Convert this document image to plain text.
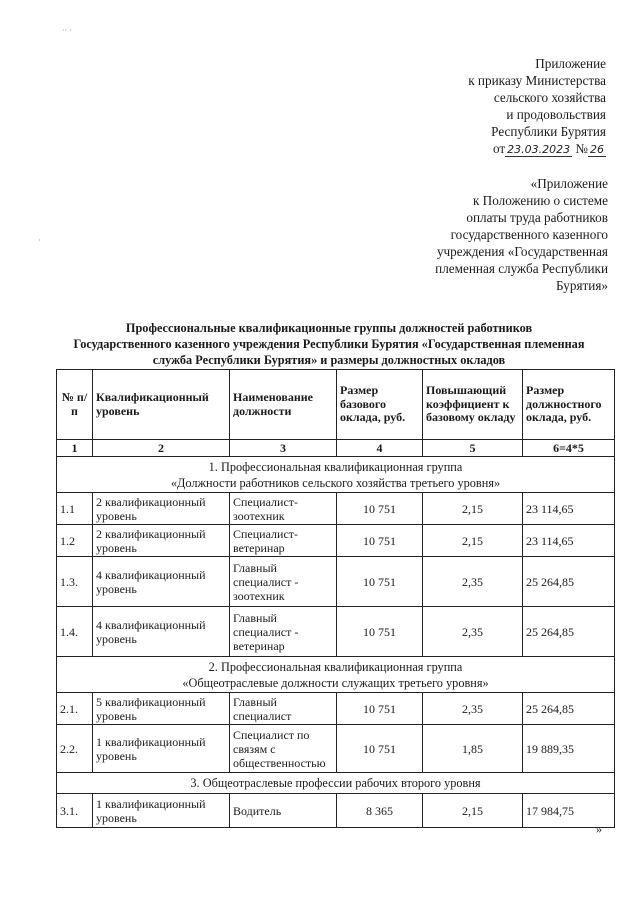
·· ·
·
Приложение
к приказу Министерства
сельского хозяйства
и продовольствия
Республики Бурятия
от 23.03.2023 № 26
«Приложение
к Положению о системе
оплаты труда работников
государственного казенного
учреждения «Государственная
племенная служба Республики
Бурятия»
Профессиональные квалификационные группы должностей работников
Государственного казенного учреждения Республики Бурятия «Государственная племенная
служба Республики Бурятия» и размеры должностных окладов
№ п/п	Квалификационный уровень	Наименование должности	Размер базового оклада, руб.	Повышающий коэффициент к базовому окладу	Размер должностного оклада, руб.
1	2	3	4	5	6=4*5

1. Профессиональная квалификационная группа
«Должности работников сельского хозяйства третьего уровня»					

1.1	2 квалификационный уровень	Специалист-зоотехник	10 751	2,15	23 114,65
1.2	2 квалификационный уровень	Специалист-ветеринар	10 751	2,15	23 114,65
1.3.	4 квалификационный уровень	Главный специалист - зоотехник	10 751	2,35	25 264,85
1.4.	4 квалификационный уровень	Главный специалист - ветеринар	10 751	2,35	25 264,85

2. Профессиональная квалификационная группа
«Общеотраслевые должности служащих третьего уровня»					

2.1.	5 квалификационный уровень	Главный специалист	10 751	2,35	25 264,85
2.2.	1 квалификационный уровень	Специалист по связям с общественностью	10 751	1,85	19 889,35

3. Общеотраслевые профессии рабочих второго уровня					

3.1.	1 квалификационный уровень	Водитель	8 365	2,15	17 984,75
»
